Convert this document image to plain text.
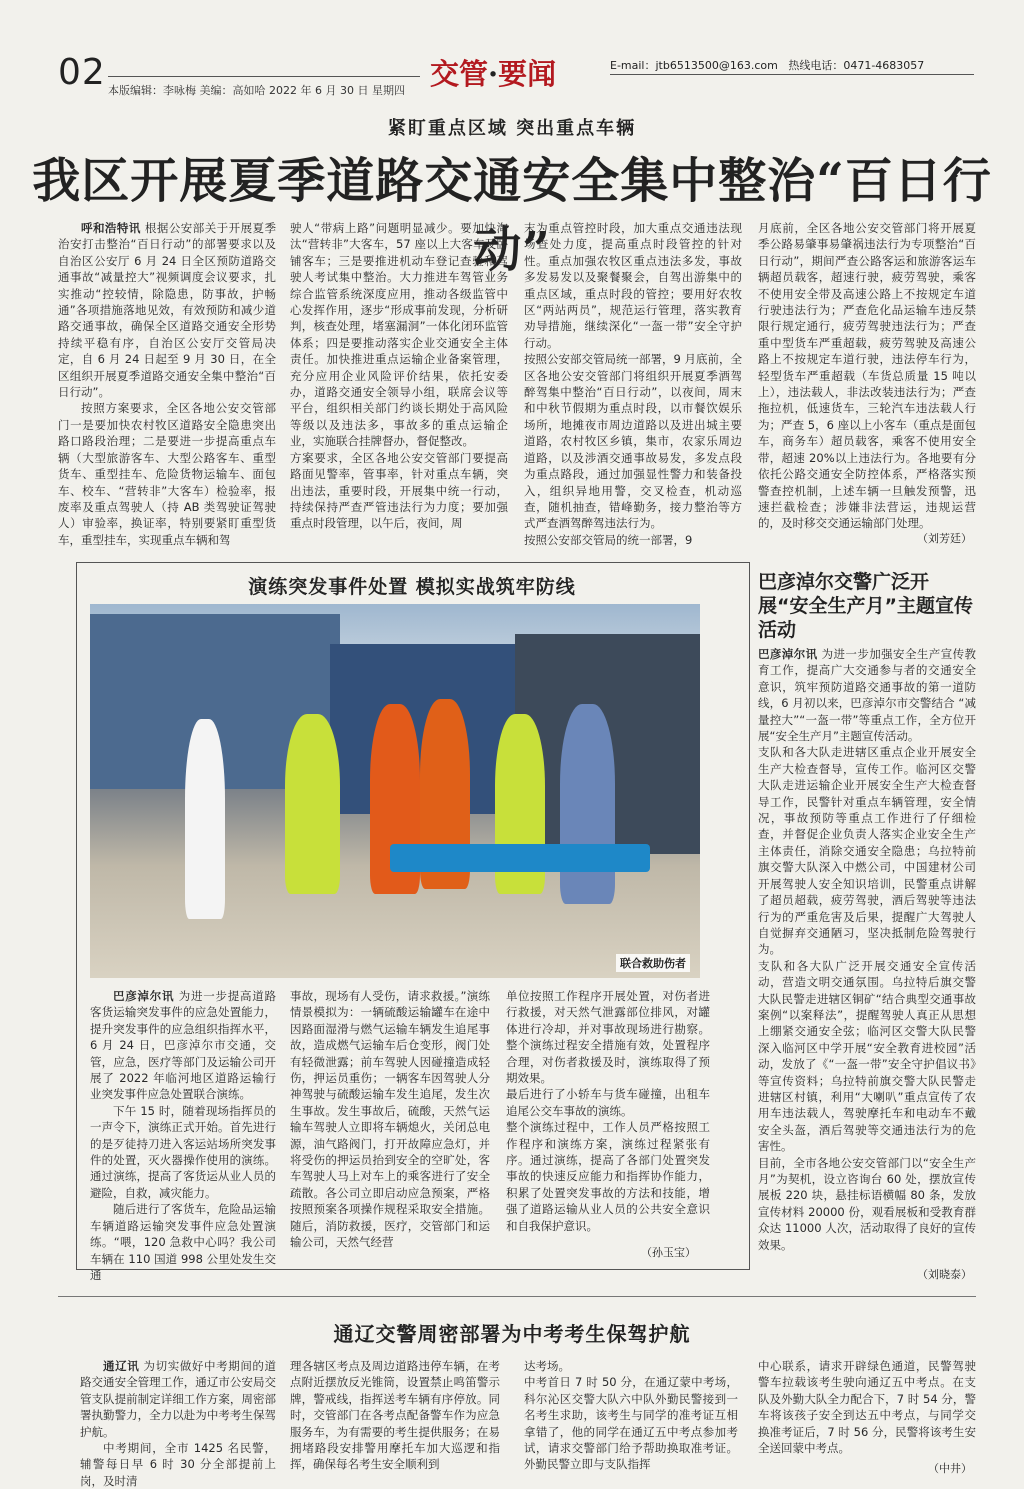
02 本版编辑：李咏梅 美编：高如哈 2022 年 6 月 30 日 星期四 交管·要闻	E-mail：jtb6513500@163.com 热线电话：0471-4683057
紧盯重点区域 突出重点车辆
我区开展夏季道路交通安全集中整治“百日行动”

呼和浩特讯 根据公安部关于开展夏季治安打击整治“百日行动”的部署要求以及自治区公安厅 6 月 24 日全区预防道路交通事故“减量控大”视频调度会议要求，扎实推动“控较情，除隐患，防事故，护畅通”各项措施落地见效，有效预防和减少道路交通事故，确保全区道路交通安全形势持续平稳有序，自治区公安厅交管局决定，自 6 月 24 日起至 9 月 30 日，在全区组织开展夏季道路交通安全集中整治“百日行动”。

按照方案要求，全区各地公安交管部门一是要加快农村牧区道路安全隐患突出路口路段治理；二是要进一步提高重点车辆（大型旅游客车、大型公路客车、重型货车、重型挂车、危险货物运输车、面包车、校车、“营转非”大客车）检验率，报废率及重点驾驶人（持 AB 类驾驶证驾驶人）审验率，换证率，特别要紧盯重型货车，重型挂车，实现重点车辆和驾

驶人“带病上路”问题明显减少。要加快淘汰“营转非”大客车，57 座以上大客车及卧铺客车；三是要推进机动车登记查验和驾驶人考试集中整治。大力推进车驾管业务综合监管系统深度应用，推动各级监管中心发挥作用，逐步“形成事前发现，分析研判，核查处理，堵塞漏洞”一体化闭环监管体系；四是要推动落实企业交通安全主体责任。加快推进重点运输企业备案管理，充分应用企业风险评价结果，依托安委办，道路交通安全领导小组，联席会议等平台，组织相关部门约谈长期处于高风险等级以及违法多，事故多的重点运输企业，实施联合挂牌督办，督促整改。
方案要求，全区各地公安交管部门要提高路面见警率，管事率，针对重点车辆，突出违法，重要时段，开展集中统一行动，持续保持严查严管违法行为力度；要加强重点时段管理，以午后，夜间，周
末为重点管控时段，加大重点交通违法现场查处力度，提高重点时段管控的针对性。重点加强农牧区重点违法多发，事故多发易发以及聚餐聚会，自驾出游集中的重点区域，重点时段的管控；要用好农牧区“两站两员”，规范运行管理，落实教育劝导措施，继续深化“一盔一带”安全守护行动。
按照公安部交管局统一部署，9 月底前，全区各地公安交管部门将组织开展夏季酒驾醉驾集中整治“百日行动”，以夜间，周末和中秋节假期为重点时段，以市餐饮娱乐场所，地摊夜市周边道路以及进出城主要道路，农村牧区乡镇，集市，农家乐周边道路，以及涉酒交通事故易发，多发点段为重点路段，通过加强显性警力和装备投入，组织异地用警，交叉检查，机动巡查，随机抽查，错峰勤务，接力整治等方式严查酒驾醉驾违法行为。
按照公安部交管局的统一部署，9
月底前，全区各地公安交管部门将开展夏季公路易肇事易肇祸违法行为专项整治“百日行动”，期间严查公路客运和旅游客运车辆超员载客，超速行驶，疲劳驾驶，乘客不使用安全带及高速公路上不按规定车道行驶违法行为；严查危化品运输车违反禁限行规定通行，疲劳驾驶违法行为；严查重中型货车严重超载，疲劳驾驶及高速公路上不按规定车道行驶，违法停车行为，轻型货车严重超载（车货总质量 15 吨以上），违法载人，非法改装违法行为；严查拖拉机，低速货车，三轮汽车违法载人行为；严查 5，6 座以上小客车（重点是面包车，商务车）超员载客，乘客不使用安全带，超速 20%以上违法行为。各地要有分依托公路交通安全防控体系，严格落实预警查控机制，上述车辆一旦触发预警，迅速拦截检查；涉嫌非法营运，违规运营的，及时移交交通运输部门处理。
（刘芳廷）
演练突发事件处置 模拟实战筑牢防线
联合救助伤者

巴彦淖尔讯 为进一步提高道路客货运输突发事件的应急处置能力，提升突发事件的应急组织指挥水平，6 月 24 日，巴彦淖尔市交通，交管，应急，医疗等部门及运输公司开展了 2022 年临河地区道路运输行业突发事件应急处置联合演练。

下午 15 时，随着现场指挥员的一声令下，演练正式开始。首先进行的是歹徒持刀进入客运站场所突发事件的处置，灭火器操作使用的演练。通过演练，提高了客货运从业人员的避险，自救，减灾能力。

随后进行了客货车，危险品运输车辆道路运输突发事件应急处置演练。“喂，120 急救中心吗？我公司车辆在 110 国道 998 公里处发生交通

事故，现场有人受伤，请求救援。”演练情景模拟为：一辆硫酸运输罐车在途中因路面湿滑与燃气运输车辆发生追尾事故，造成燃气运输车后仓变形，阀门处有轻微泄露；前车驾驶人因碰撞造成轻伤，押运员重伤；一辆客车因驾驶人分神驾驶与硫酸运输车发生追尾，发生次生事故。发生事故后，硫酸，天然气运输车驾驶人立即将车辆熄火，关闭总电源，油气路阀门，打开故障应急灯，并将受伤的押运员抬到安全的空旷处，客车驾驶人马上对车上的乘客进行了安全疏散。各公司立即启动应急预案，严格按照预案各项操作规程采取安全措施。随后，消防救援，医疗，交管部门和运输公司，天然气经营
单位按照工作程序开展处置，对伤者进行救援，对天然气泄露部位排风，对罐体进行冷却，并对事故现场进行勘察。整个演练过程安全措施有效，处置程序合理，对伤者救援及时，演练取得了预期效果。
最后进行了小轿车与货车碰撞，出租车追尾公交车事故的演练。
整个演练过程中，工作人员严格按照工作程序和演练方案，演练过程紧张有序。通过演练，提高了各部门处置突发事故的快速反应能力和指挥协作能力，积累了处置突发事故的方法和技能，增强了道路运输从业人员的公共安全意识和自我保护意识。
（孙玉宝）
巴彦淖尔交警广泛开展“安全生产月”主题宣传活动
巴彦淖尔讯 为进一步加强安全生产宣传教育工作，提高广大交通参与者的交通安全意识，筑牢预防道路交通事故的第一道防线，6 月初以来，巴彦淖尔市交警结合 “减量控大”“一盔一带”等重点工作，全方位开展“安全生产月”主题宣传活动。
支队和各大队走进辖区重点企业开展安全生产大检查督导，宣传工作。临河区交警大队走进运输企业开展安全生产大检查督导工作，民警针对重点车辆管理，安全情况，事故预防等重点工作进行了仔细检查，并督促企业负责人落实企业安全生产主体责任，消除交通安全隐患；乌拉特前旗交警大队深入中燃公司，中国建材公司开展驾驶人安全知识培训，民警重点讲解了超员超载，疲劳驾驶，酒后驾驶等违法行为的严重危害及后果，提醒广大驾驶人自觉摒弃交通陋习，坚决抵制危险驾驶行为。
支队和各大队广泛开展交通安全宣传活动，营造文明交通氛围。乌拉特后旗交警大队民警走进辖区铜矿“结合典型交通事故案例“以案释法”，提醒驾驶人真正从思想上绷紧交通安全弦；临河区交警大队民警深入临河区中学开展“安全教育进校园”活动，发放了《“一盔一带”安全守护倡议书》等宣传资料；乌拉特前旗交警大队民警走进辖区村镇，利用“大喇叭”重点宣传了农用车违法载人，驾驶摩托车和电动车不戴安全头盔，酒后驾驶等交通违法行为的危害性。
目前，全市各地公安交管部门以“安全生产月”为契机，设立咨询台 60 处，摆放宣传展板 220 块，悬挂标语横幅 80 条，发放宣传材料 20000 份，观看展板和受教育群众达 11000 人次，活动取得了良好的宣传效果。
（刘晓泰）
通辽交警周密部署为中考考生保驾护航

通辽讯 为切实做好中考期间的道路交通安全管理工作，通辽市公安局交管支队提前制定详细工作方案，周密部署执勤警力，全力以赴为中考考生保驾护航。

中考期间，全市 1425 名民警，辅警每日早 6 时 30 分全部提前上岗，及时清

理各辖区考点及周边道路违停车辆，在考点附近摆放反光锥筒，设置禁止鸣笛警示牌，警戒线，指挥送考车辆有序停放。同时，交管部门在各考点配备警车作为应急服务车，为有需要的考生提供服务；在易拥堵路段安排警用摩托车加大巡逻和指挥，确保每名考生安全顺利到
达考场。
中考首日 7 时 50 分，在通辽蒙中考场，科尔沁区交警大队六中队外勤民警接到一名考生求助，该考生与同学的准考证互相拿错了，他的同学在通辽五中考点参加考试，请求交警部门给予帮助换取准考证。外勤民警立即与支队指挥
中心联系，请求开辟绿色通道，民警驾驶警车拉载该考生驶向通辽五中考点。在支队及外勤大队全力配合下，7 时 54 分，警车将该孩子安全到达五中考点，与同学交换准考证后，7 时 56 分，民警将该考生安全送回蒙中考点。
（中井）
